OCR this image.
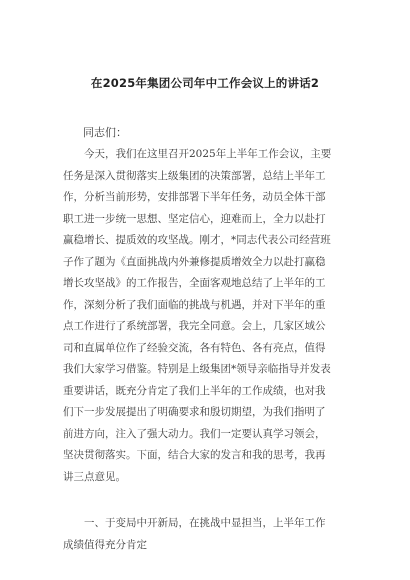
在2025年集团公司年中工作会议上的讲话2
同志们：
　　今天，我们在这里召开2025年上半年工作会议，主要
任务是深入贯彻落实上级集团的决策部署，总结上半年工
作，分析当前形势，安排部署下半年任务，动员全体干部
职工进一步统一思想、坚定信心，迎难而上，全力以赴打
赢稳增长、提质效的攻坚战。刚才，*同志代表公司经营班
子作了题为《直面挑战内外兼修提质增效全力以赴打赢稳
增长攻坚战》的工作报告，全面客观地总结了上半年的工
作，深刻分析了我们面临的挑战与机遇，并对下半年的重
点工作进行了系统部署，我完全同意。会上，几家区域公
司和直属单位作了经验交流，各有特色、各有亮点，值得
我们大家学习借鉴。特别是上级集团*领导亲临指导并发表
重要讲话，既充分肯定了我们上半年的工作成绩，也对我
们下一步发展提出了明确要求和殷切期望，为我们指明了
前进方向，注入了强大动力。我们一定要认真学习领会，
坚决贯彻落实。下面，结合大家的发言和我的思考，我再
讲三点意见。
　　一、于变局中开新局，在挑战中显担当，上半年工作
成绩值得充分肯定
